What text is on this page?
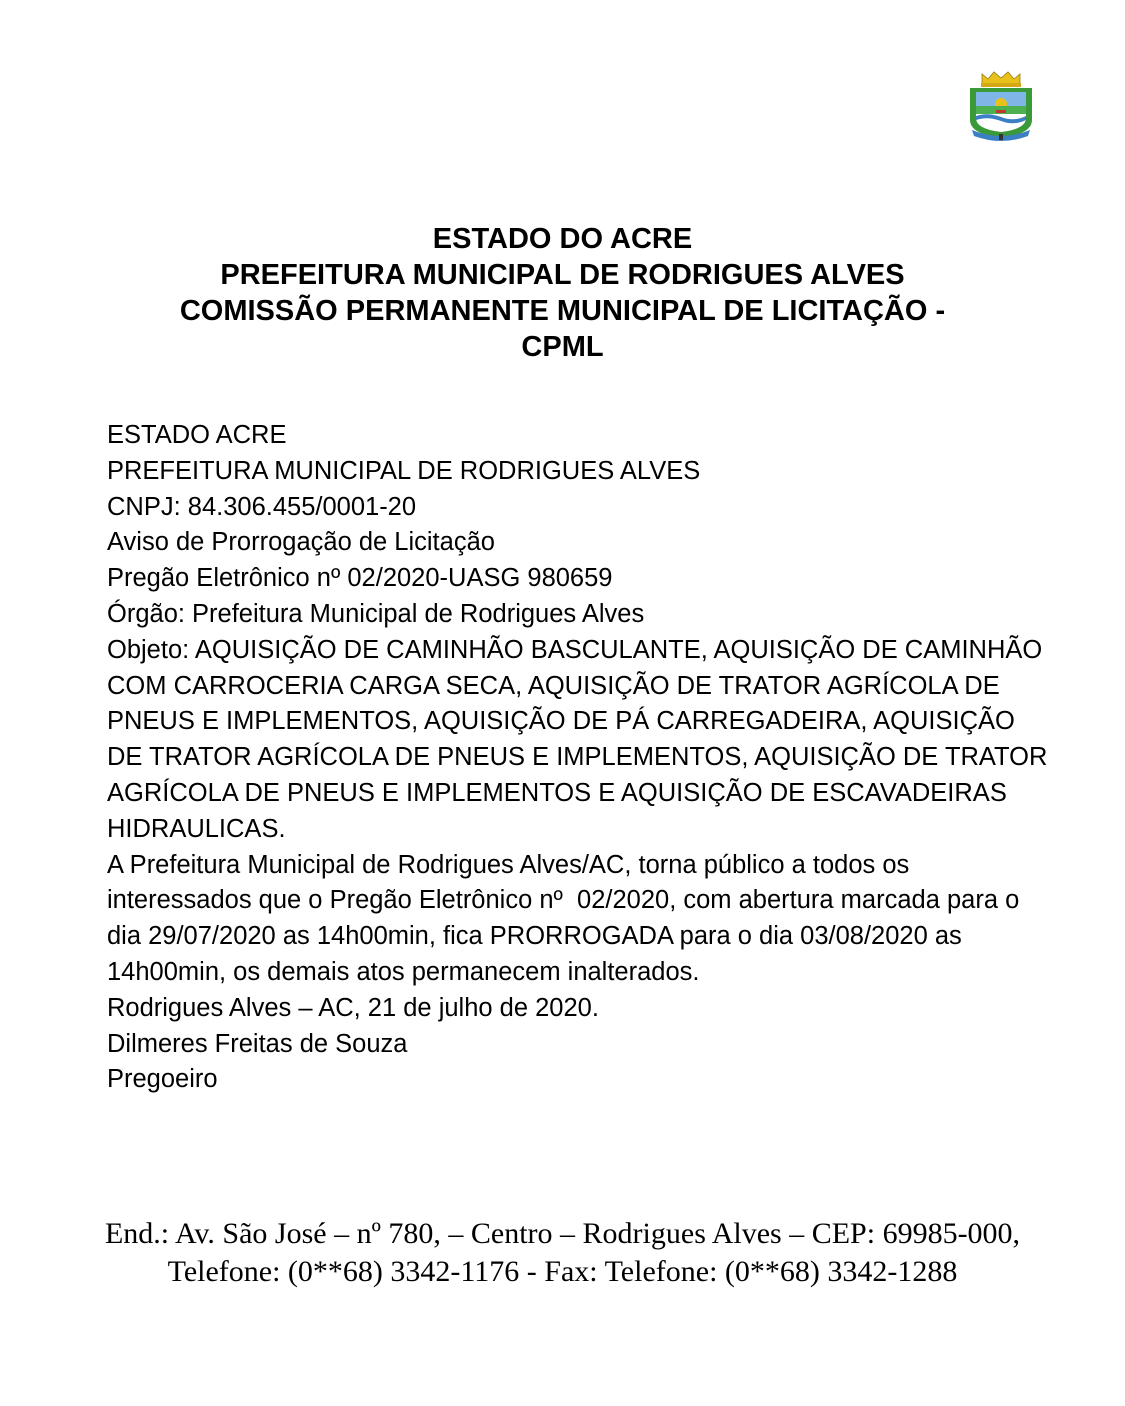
ESTADO DO ACRE
PREFEITURA MUNICIPAL DE RODRIGUES ALVES
COMISSÃO PERMANENTE MUNICIPAL DE LICITAÇÃO -
CPML

ESTADO ACRE

PREFEITURA MUNICIPAL DE RODRIGUES ALVES

CNPJ: 84.306.455/0001-20

Aviso de Prorrogação de Licitação

Pregão Eletrônico nº 02/2020-UASG 980659

Órgão: Prefeitura Municipal de Rodrigues Alves

Objeto: AQUISIÇÃO DE CAMINHÃO BASCULANTE, AQUISIÇÃO DE CAMINHÃO COM CARROCERIA CARGA SECA, AQUISIÇÃO DE TRATOR AGRÍCOLA DE PNEUS E IMPLEMENTOS, AQUISIÇÃO DE PÁ CARREGADEIRA, AQUISIÇÃO DE TRATOR AGRÍCOLA DE PNEUS E IMPLEMENTOS, AQUISIÇÃO DE TRATOR AGRÍCOLA DE PNEUS E IMPLEMENTOS E AQUISIÇÃO DE ESCAVADEIRAS HIDRAULICAS.

A Prefeitura Municipal de Rodrigues Alves/AC, torna público a todos os interessados que o Pregão Eletrônico nº  02/2020, com abertura marcada para o dia 29/07/2020 as 14h00min, fica PRORROGADA para o dia 03/08/2020 as 14h00min, os demais atos permanecem inalterados.

Rodrigues Alves – AC, 21 de julho de 2020.

Dilmeres Freitas de Souza

Pregoeiro

End.: Av. São José – nº 780, – Centro – Rodrigues Alves – CEP: 69985-000,

Telefone: (0**68) 3342-1176 - Fax: Telefone: (0**68) 3342-1288
